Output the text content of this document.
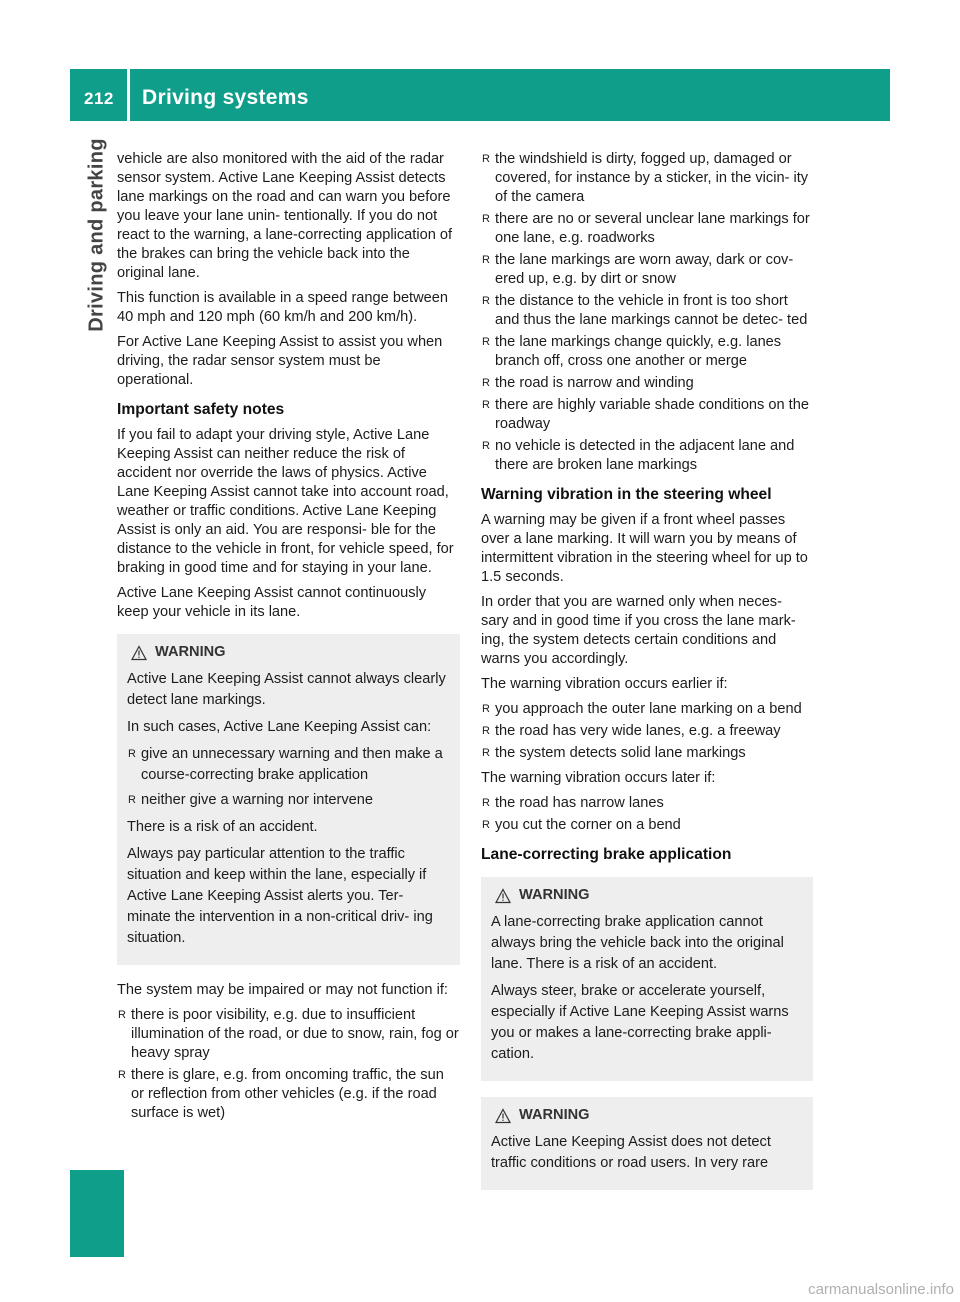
212 Driving systems
Driving and parking vehicle are also monitored with the aid of the radar sensor system. Active Lane Keeping Assist detects lane markings on the road and can warn you before you leave your lane unin- tentionally. If you do not react to the warning, a lane-correcting application of the brakes can bring the vehicle back into the original lane.

This function is available in a speed range between 40 mph and 120 mph (60 km/h and 200 km/h).

For Active Lane Keeping Assist to assist you when driving, the radar sensor system must be operational.

Important safety notes

If you fail to adapt your driving style, Active Lane Keeping Assist can neither reduce the risk of accident nor override the laws of physics. Active Lane Keeping Assist cannot take into account road, weather or traffic conditions. Active Lane Keeping Assist is only an aid. You are responsi- ble for the distance to the vehicle in front, for vehicle speed, for braking in good time and for staying in your lane.

Active Lane Keeping Assist cannot continuously keep your vehicle in its lane.

WARNING

Active Lane Keeping Assist cannot always clearly detect lane markings.

In such cases, Active Lane Keeping Assist can:

R give an unnecessary warning and then make a course-correcting brake application
R neither give a warning nor intervene

There is a risk of an accident.

Always pay particular attention to the traffic situation and keep within the lane, especially if Active Lane Keeping Assist alerts you. Ter- minate the intervention in a non-critical driv- ing situation.

The system may be impaired or may not function if:

R there is poor visibility, e.g. due to insufficient illumination of the road, or due to snow, rain, fog or heavy spray
R there is glare, e.g. from oncoming traffic, the sun or reflection from other vehicles (e.g. if the road surface is wet)
R the windshield is dirty, fogged up, damaged or covered, for instance by a sticker, in the vicin- ity of the camera
R there are no or several unclear lane markings for one lane, e.g. roadworks
R the lane markings are worn away, dark or cov- ered up, e.g. by dirt or snow
R the distance to the vehicle in front is too short and thus the lane markings cannot be detec- ted
R the lane markings change quickly, e.g. lanes branch off, cross one another or merge
R the road is narrow and winding
R there are highly variable shade conditions on the roadway
R no vehicle is detected in the adjacent lane and there are broken lane markings
Warning vibration in the steering wheel

A warning may be given if a front wheel passes over a lane marking. It will warn you by means of intermittent vibration in the steering wheel for up to 1.5 seconds.

In order that you are warned only when neces- sary and in good time if you cross the lane mark- ing, the system detects certain conditions and warns you accordingly.

The warning vibration occurs earlier if:

R you approach the outer lane marking on a bend
R the road has very wide lanes, e.g. a freeway
R the system detects solid lane markings

The warning vibration occurs later if:

R the road has narrow lanes
R you cut the corner on a bend
Lane-correcting brake application
WARNING

A lane-correcting brake application cannot always bring the vehicle back into the original lane. There is a risk of an accident.

Always steer, brake or accelerate yourself, especially if Active Lane Keeping Assist warns you or makes a lane-correcting brake appli- cation.

WARNING

Active Lane Keeping Assist does not detect traffic conditions or road users. In very rare

carmanualsonline.info
